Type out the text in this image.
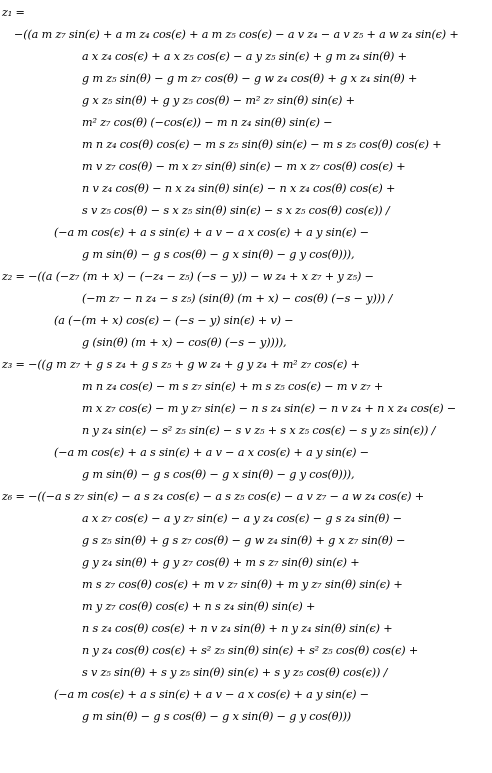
z₁ =
−((a m z₇ sin(ϵ) + a m z₄ cos(ϵ) + a m z₅ cos(ϵ) − a v z₄ − a v z₅ + a w z₄ sin(ϵ) +
a x z₄ cos(ϵ) + a x z₅ cos(ϵ) − a y z₅ sin(ϵ) + g m z₄ sin(θ) +
g m z₅ sin(θ) − g m z₇ cos(θ) − g w z₄ cos(θ) + g x z₄ sin(θ) +
g x z₅ sin(θ) + g y z₅ cos(θ) − m² z₇ sin(θ) sin(ϵ) +
m² z₇ cos(θ) (−cos(ϵ)) − m n z₄ sin(θ) sin(ϵ) −
m n z₄ cos(θ) cos(ϵ) − m s z₅ sin(θ) sin(ϵ) − m s z₅ cos(θ) cos(ϵ) +
m v z₇ cos(θ) − m x z₇ sin(θ) sin(ϵ) − m x z₇ cos(θ) cos(ϵ) +
n v z₄ cos(θ) − n x z₄ sin(θ) sin(ϵ) − n x z₄ cos(θ) cos(ϵ) +
s v z₅ cos(θ) − s x z₅ sin(θ) sin(ϵ) − s x z₅ cos(θ) cos(ϵ)) /
(−a m cos(ϵ) + a s sin(ϵ) + a v − a x cos(ϵ) + a y sin(ϵ) −
g m sin(θ) − g s cos(θ) − g x sin(θ) − g y cos(θ))),
z₂ = −((a (−z₇ (m + x) − (−z₄ − z₅) (−s − y)) − w z₄ + x z₇ + y z₅) −
(−m z₇ − n z₄ − s z₅) (sin(θ) (m + x) − cos(θ) (−s − y))) /
(a (−(m + x) cos(ϵ) − (−s − y) sin(ϵ) + v) −
g (sin(θ) (m + x) − cos(θ) (−s − y)))),
z₃ = −((g m z₇ + g s z₄ + g s z₅ + g w z₄ + g y z₄ + m² z₇ cos(ϵ) +
m n z₄ cos(ϵ) − m s z₇ sin(ϵ) + m s z₅ cos(ϵ) − m v z₇ +
m x z₇ cos(ϵ) − m y z₇ sin(ϵ) − n s z₄ sin(ϵ) − n v z₄ + n x z₄ cos(ϵ) −
n y z₄ sin(ϵ) − s² z₅ sin(ϵ) − s v z₅ + s x z₅ cos(ϵ) − s y z₅ sin(ϵ)) /
(−a m cos(ϵ) + a s sin(ϵ) + a v − a x cos(ϵ) + a y sin(ϵ) −
g m sin(θ) − g s cos(θ) − g x sin(θ) − g y cos(θ))),
z₆ = −((−a s z₇ sin(ϵ) − a s z₄ cos(ϵ) − a s z₅ cos(ϵ) − a v z₇ − a w z₄ cos(ϵ) +
a x z₇ cos(ϵ) − a y z₇ sin(ϵ) − a y z₄ cos(ϵ) − g s z₄ sin(θ) −
g s z₅ sin(θ) + g s z₇ cos(θ) − g w z₄ sin(θ) + g x z₇ sin(θ) −
g y z₄ sin(θ) + g y z₇ cos(θ) + m s z₇ sin(θ) sin(ϵ) +
m s z₇ cos(θ) cos(ϵ) + m v z₇ sin(θ) + m y z₇ sin(θ) sin(ϵ) +
m y z₇ cos(θ) cos(ϵ) + n s z₄ sin(θ) sin(ϵ) +
n s z₄ cos(θ) cos(ϵ) + n v z₄ sin(θ) + n y z₄ sin(θ) sin(ϵ) +
n y z₄ cos(θ) cos(ϵ) + s² z₅ sin(θ) sin(ϵ) + s² z₅ cos(θ) cos(ϵ) +
s v z₅ sin(θ) + s y z₅ sin(θ) sin(ϵ) + s y z₅ cos(θ) cos(ϵ)) /
(−a m cos(ϵ) + a s sin(ϵ) + a v − a x cos(ϵ) + a y sin(ϵ) −
g m sin(θ) − g s cos(θ) − g x sin(θ) − g y cos(θ)))
